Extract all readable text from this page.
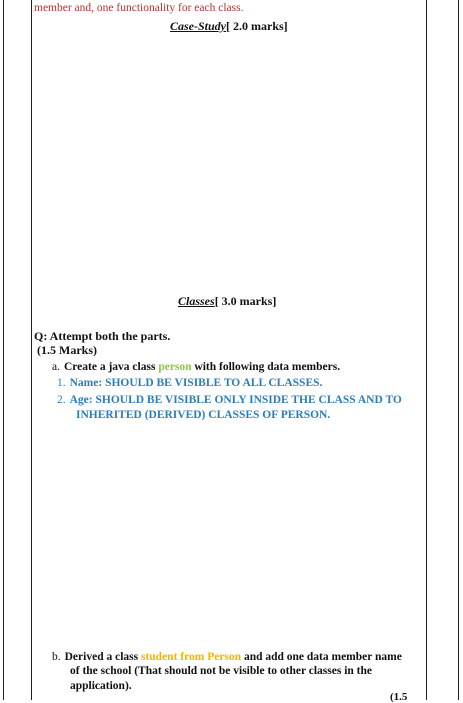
member and, one functionality for each class.
Case-Study[ 2.0 marks]
Classes[ 3.0 marks]
Q: Attempt both the parts.
(1.5 Marks)
a. Create a java class person with following data members.
1. Name: SHOULD BE VISIBLE TO ALL CLASSES.
2. Age: SHOULD BE VISIBLE ONLY INSIDE THE CLASS AND TO
INHERITED (DERIVED) CLASSES OF PERSON.
b. Derived a class student from Person and add one data member name
of the school (That should not be visible to other classes in the
application).
(1.5
